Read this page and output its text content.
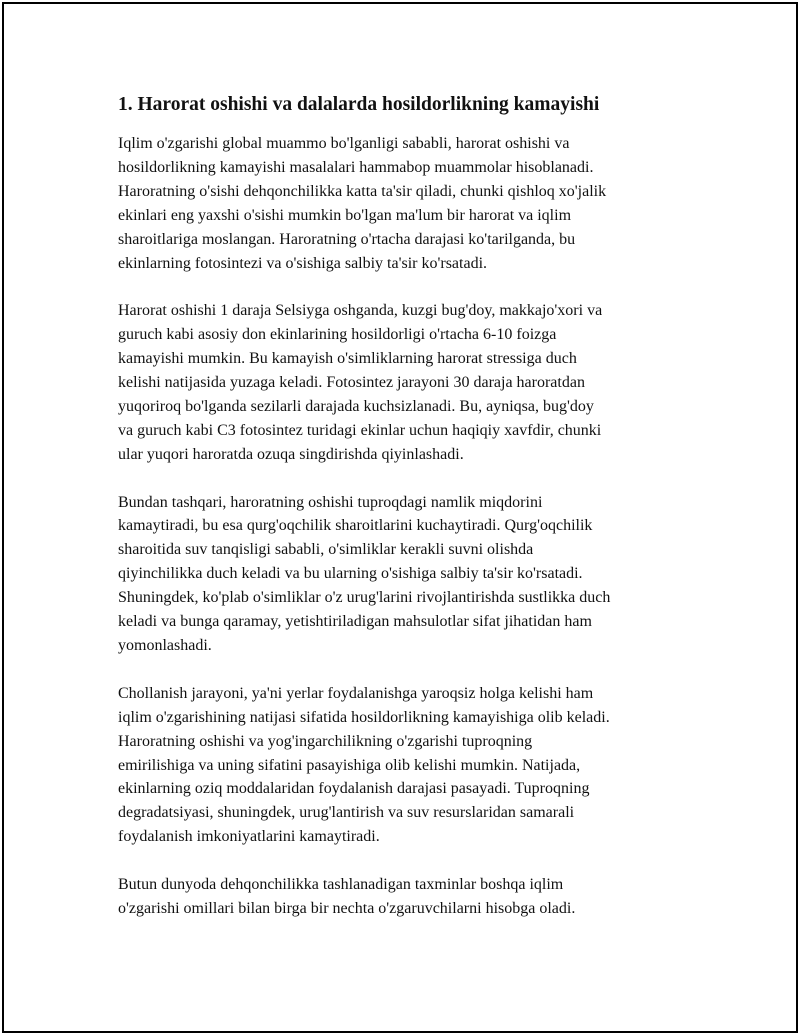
1. Harorat oshishi va dalalarda hosildorlikning kamayishi

Iqlim o'zgarishi global muammo bo'lganligi sababli, harorat oshishi va
hosildorlikning kamayishi masalalari hammabop muammolar hisoblanadi.
Haroratning o'sishi dehqonchilikka katta ta'sir qiladi, chunki qishloq xo'jalik
ekinlari eng yaxshi o'sishi mumkin bo'lgan ma'lum bir harorat va iqlim
sharoitlariga moslangan. Haroratning o'rtacha darajasi ko'tarilganda, bu
ekinlarning fotosintezi va o'sishiga salbiy ta'sir ko'rsatadi.

Harorat oshishi 1 daraja Selsiyga oshganda, kuzgi bug'doy, makkajo'xori va
guruch kabi asosiy don ekinlarining hosildorligi o'rtacha 6-10 foizga
kamayishi mumkin. Bu kamayish o'simliklarning harorat stressiga duch
kelishi natijasida yuzaga keladi. Fotosintez jarayoni 30 daraja haroratdan
yuqoriroq bo'lganda sezilarli darajada kuchsizlanadi. Bu, ayniqsa, bug'doy
va guruch kabi C3 fotosintez turidagi ekinlar uchun haqiqiy xavfdir, chunki
ular yuqori haroratda ozuqa singdirishda qiyinlashadi.

Bundan tashqari, haroratning oshishi tuproqdagi namlik miqdorini
kamaytiradi, bu esa qurg'oqchilik sharoitlarini kuchaytiradi. Qurg'oqchilik
sharoitida suv tanqisligi sababli, o'simliklar kerakli suvni olishda
qiyinchilikka duch keladi va bu ularning o'sishiga salbiy ta'sir ko'rsatadi.
Shuningdek, ko'plab o'simliklar o'z urug'larini rivojlantirishda sustlikka duch
keladi va bunga qaramay, yetishtiriladigan mahsulotlar sifat jihatidan ham
yomonlashadi.

Chollanish jarayoni, ya'ni yerlar foydalanishga yaroqsiz holga kelishi ham
iqlim o'zgarishining natijasi sifatida hosildorlikning kamayishiga olib keladi.
Haroratning oshishi va yog'ingarchilikning o'zgarishi tuproqning
emirilishiga va uning sifatini pasayishiga olib kelishi mumkin. Natijada,
ekinlarning oziq moddalaridan foydalanish darajasi pasayadi. Tuproqning
degradatsiyasi, shuningdek, urug'lantirish va suv resurslaridan samarali
foydalanish imkoniyatlarini kamaytiradi.

Butun dunyoda dehqonchilikka tashlanadigan taxminlar boshqa iqlim
o'zgarishi omillari bilan birga bir nechta o'zgaruvchilarni hisobga oladi.
